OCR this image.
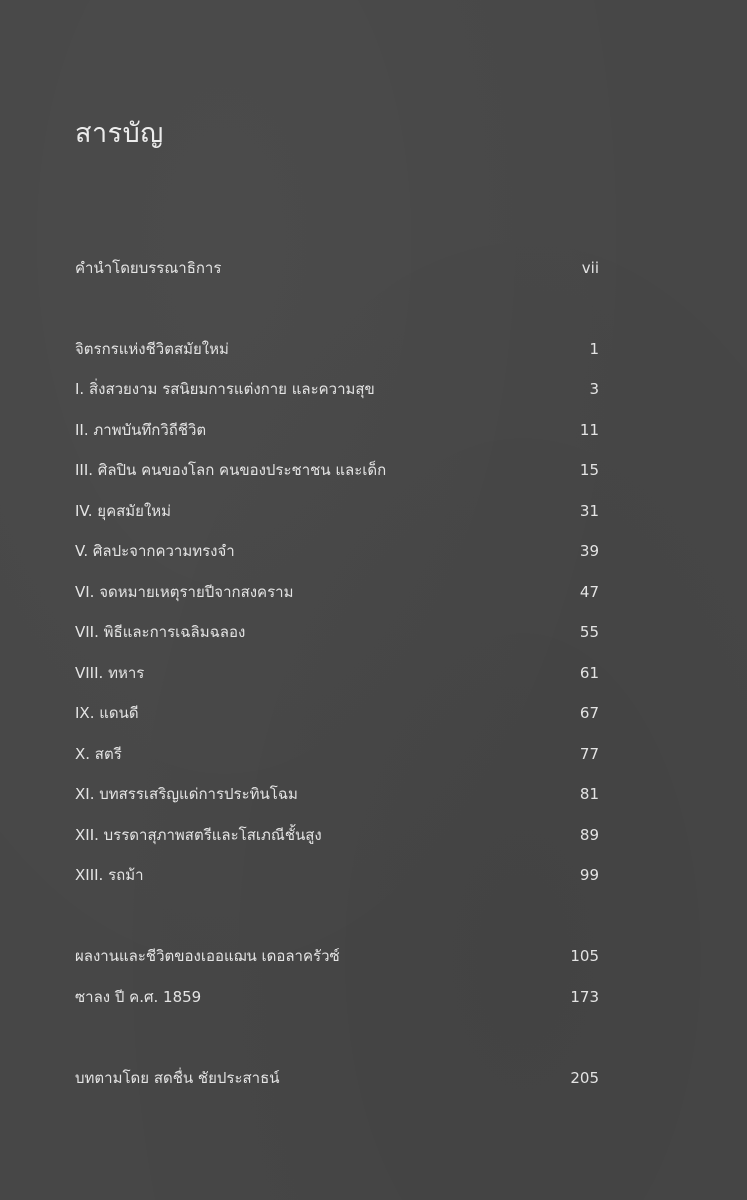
สารบัญ
คำนำโดยบรรณาธิการ	vii
จิตรกรแห่งชีวิตสมัยใหม่	1
I. สิ่งสวยงาม รสนิยมการแต่งกาย และความสุข	3
II. ภาพบันทึกวิถีชีวิต	11
III. ศิลปิน คนของโลก คนของประชาชน และเด็ก	15
IV. ยุคสมัยใหม่	31
V. ศิลปะจากความทรงจำ	39
VI. จดหมายเหตุรายปีจากสงคราม	47
VII. พิธีและการเฉลิมฉลอง	55
VIII. ทหาร	61
IX. แดนดี	67
X. สตรี	77
XI. บทสรรเสริญแด่การประทินโฉม	81
XII. บรรดาสุภาพสตรีและโสเภณีชั้นสูง	89
XIII. รถม้า	99
ผลงานและชีวิตของเออแฌน เดอลาครัวซ์	105
ซาลง ปี ค.ศ. 1859	173
บทตามโดย สดชื่น ชัยประสาธน์	205
